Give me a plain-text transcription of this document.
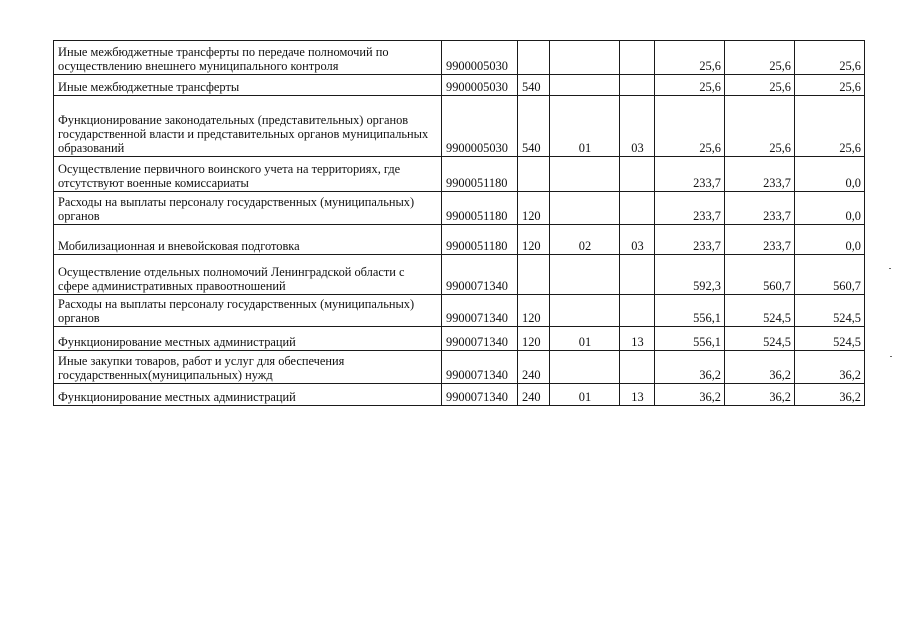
Иные межбюджетные трансферты по передаче полномочий по осуществлению внешнего муниципального контроля	9900005030				25,6	25,6	25,6
Иные межбюджетные трансферты	9900005030	540			25,6	25,6	25,6
Функционирование законодательных (представительных) органов государственной власти и представительных органов муниципальных образований	9900005030	540	01	03	25,6	25,6	25,6
Осуществление первичного воинского учета на территориях, где отсутствуют военные комиссариаты	9900051180				233,7	233,7	0,0
Расходы на выплаты персоналу государственных (муниципальных) органов	9900051180	120			233,7	233,7	0,0
Мобилизационная и вневойсковая подготовка	9900051180	120	02	03	233,7	233,7	0,0
Осуществление отдельных полномочий Ленинградской области с сфере административных правоотношений	9900071340				592,3	560,7	560,7
Расходы на выплаты персоналу государственных (муниципальных) органов	9900071340	120			556,1	524,5	524,5
Функционирование местных администраций	9900071340	120	01	13	556,1	524,5	524,5
Иные закупки товаров, работ и услуг для обеспечения государственных(муниципальных) нужд	9900071340	240			36,2	36,2	36,2
Функционирование местных администраций	9900071340	240	01	13	36,2	36,2	36,2
